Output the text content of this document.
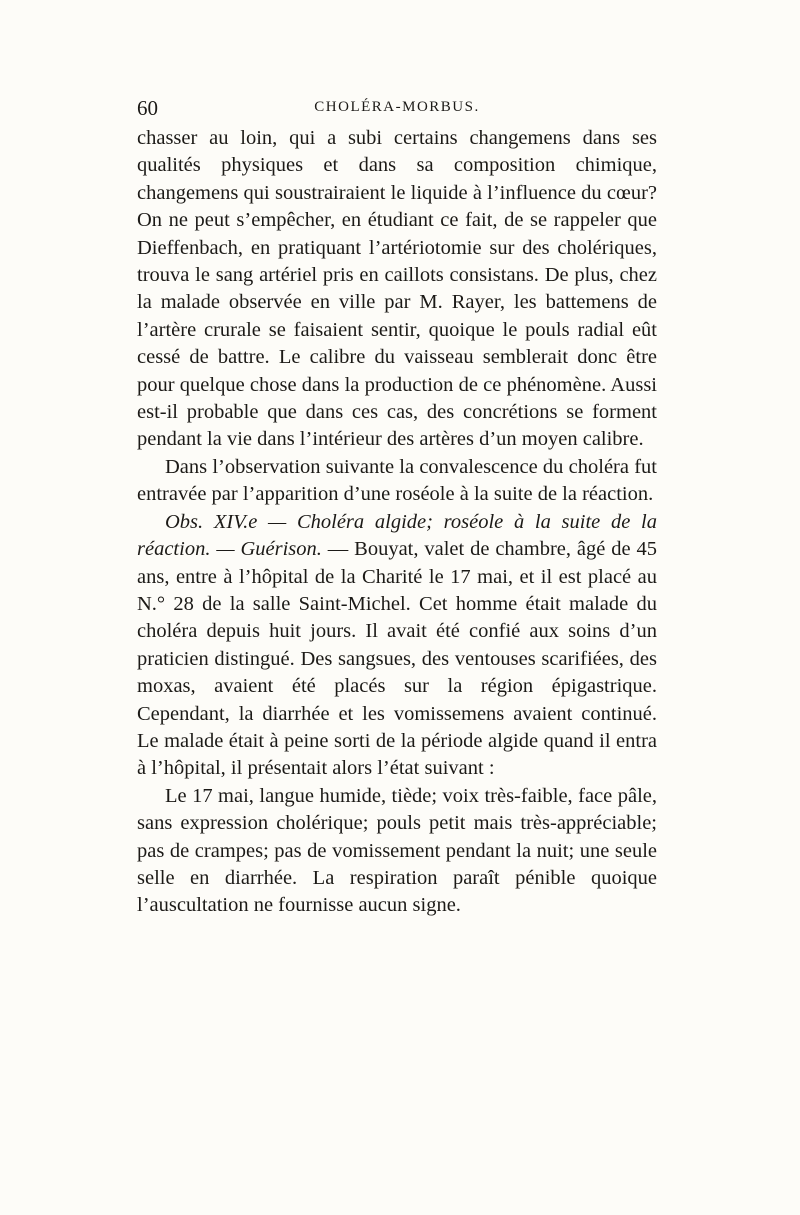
60	CHOLÉRA-MORBUS.

chasser au loin, qui a subi certains changemens dans ses qualités physiques et dans sa composition chimique, changemens qui soustrairaient le liquide à l’influence du cœur? On ne peut s’empêcher, en étudiant ce fait, de se rappeler que Dieffenbach, en pratiquant l’artériotomie sur des cholériques, trouva le sang artériel pris en caillots consistans. De plus, chez la malade observée en ville par M. Rayer, les battemens de l’artère crurale se faisaient sentir, quoique le pouls radial eût cessé de battre. Le calibre du vaisseau semblerait donc être pour quelque chose dans la production de ce phénomène. Aussi est-il probable que dans ces cas, des concrétions se forment pendant la vie dans l’intérieur des artères d’un moyen calibre.

Dans l’observation suivante la convalescence du choléra fut entravée par l’apparition d’une roséole à la suite de la réaction.

Obs. XIV.e — Choléra algide; roséole à la suite de la réaction. — Guérison. — Bouyat, valet de chambre, âgé de 45 ans, entre à l’hôpital de la Charité le 17 mai, et il est placé au N.° 28 de la salle Saint-Michel. Cet homme était malade du choléra depuis huit jours. Il avait été confié aux soins d’un praticien distingué. Des sangsues, des ventouses scarifiées, des moxas, avaient été placés sur la région épigastrique. Cependant, la diarrhée et les vomissemens avaient continué. Le malade était à peine sorti de la période algide quand il entra à l’hôpital, il présentait alors l’état suivant :

Le 17 mai, langue humide, tiède; voix très-faible, face pâle, sans expression cholérique; pouls petit mais très-appréciable; pas de crampes; pas de vomissement pendant la nuit; une seule selle en diarrhée. La respiration paraît pénible quoique l’auscultation ne fournisse aucun signe.
